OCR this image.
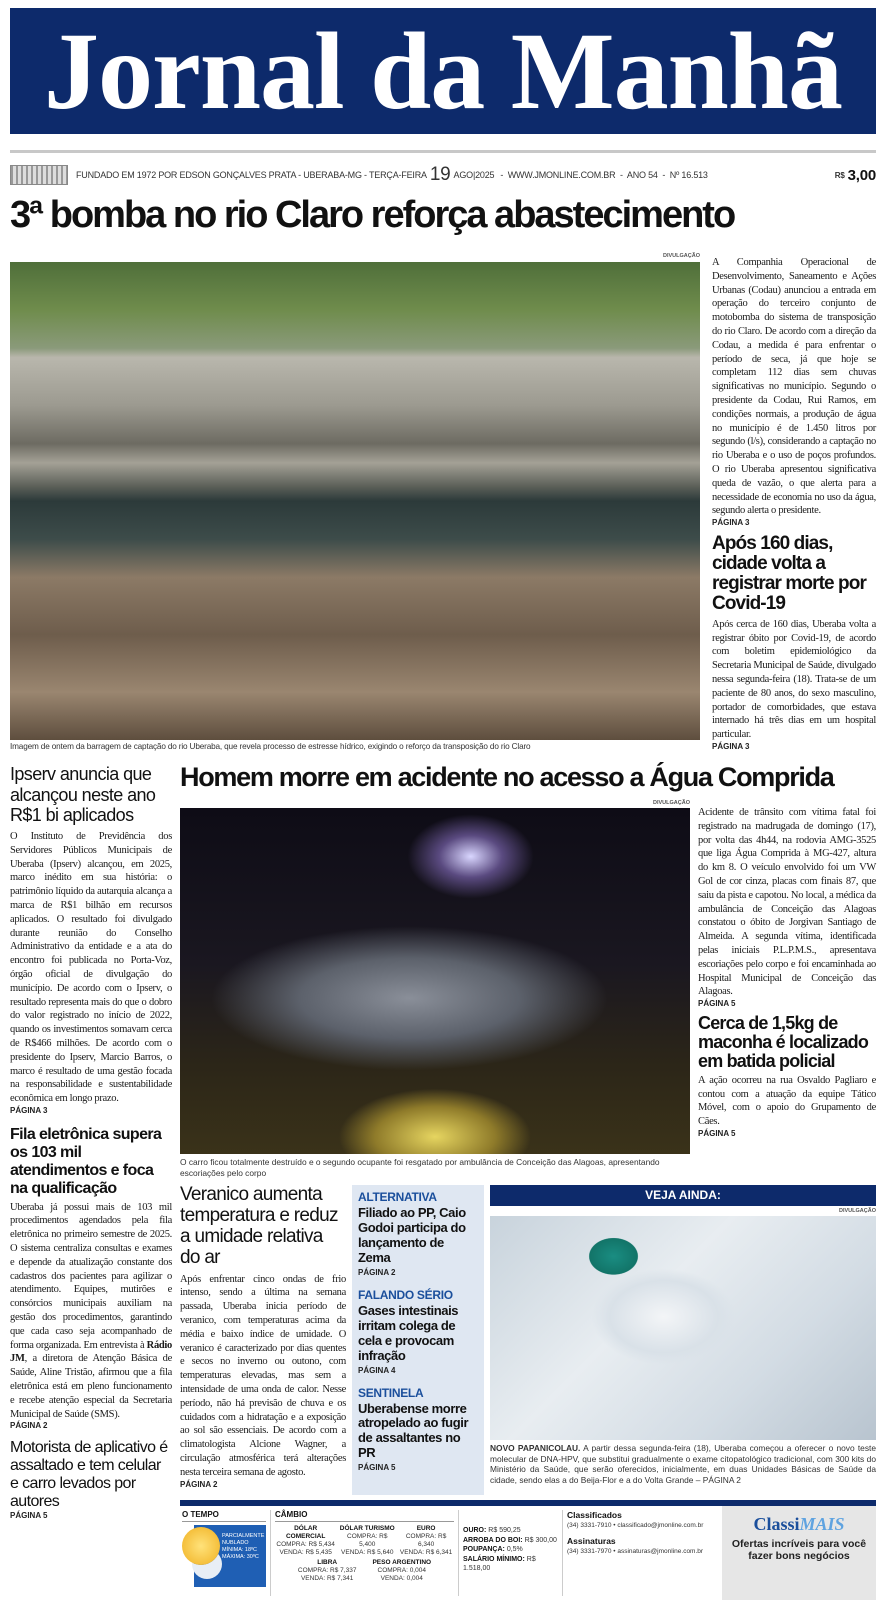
Jornal da Manhã
FUNDADO EM 1972 POR EDSON GONÇALVES PRATA - UBERABA-MG - TERÇA-FEIRA 19 AGO|2025 -  WWW.JMONLINE.COM.BR  -  ANO 54  -  Nº 16.513	R$ 3,00
3ª bomba no rio Claro reforça abastecimento
DIVULGAÇÃO
Imagem de ontem da barragem de captação do rio Uberaba, que revela processo de estresse hídrico, exigindo o reforço da transposição do rio Claro
A Companhia Operacional de Desenvolvimento, Saneamento e Ações Urbanas (Codau) anunciou a entrada em operação do terceiro conjunto de motobomba do sistema de transposição do rio Claro. De acordo com a direção da Codau, a medida é para enfrentar o período de seca, já que hoje se completam 112 dias sem chuvas significativas no município. Segundo o presidente da Codau, Rui Ramos, em condições normais, a produção de água no município é de 1.450 litros por segundo (l/s), considerando a captação no rio Uberaba e o uso de poços profundos. O rio Uberaba apresentou significativa queda de vazão, o que alerta para a necessidade de economia no uso da água, segundo alerta o presidente.
PÁGINA 3
Após 160 dias, cidade volta a registrar morte por Covid-19
Após cerca de 160 dias, Uberaba volta a registrar óbito por Covid-19, de acordo com boletim epidemiológico da Secretaria Municipal de Saúde, divulgado nessa segunda-feira (18). Trata-se de um paciente de 80 anos, do sexo masculino, portador de comorbidades, que estava internado há três dias em um hospital particular.
PÁGINA 3
Ipserv anuncia que alcançou neste ano R$1 bi aplicados
O Instituto de Previdência dos Servidores Públicos Municipais de Uberaba (Ipserv) alcançou, em 2025, marco inédito em sua história: o patrimônio líquido da autarquia alcança a marca de R$1 bilhão em recursos aplicados. O resultado foi divulgado durante reunião do Conselho Administrativo da entidade e a ata do encontro foi publicada no Porta-Voz, órgão oficial de divulgação do município. De acordo com o Ipserv, o resultado representa mais do que o dobro do valor registrado no início de 2022, quando os investimentos somavam cerca de R$466 milhões. De acordo com o presidente do Ipserv, Marcio Barros, o marco é resultado de uma gestão focada na responsabilidade e sustentabilidade econômica em longo prazo.
PÁGINA 3
Fila eletrônica supera os 103 mil atendimentos e foca na qualificação
Uberaba já possui mais de 103 mil procedimentos agendados pela fila eletrônica no primeiro semestre de 2025. O sistema centraliza consultas e exames e depende da atualização constante dos cadastros dos pacientes para agilizar o atendimento. Equipes, mutirões e consórcios municipais auxiliam na gestão dos procedimentos, garantindo que cada caso seja acompanhado de forma organizada. Em entrevista à Rádio JM, a diretora de Atenção Básica de Saúde, Aline Tristão, afirmou que a fila eletrônica está em pleno funcionamento e recebe atenção especial da Secretaria Municipal de Saúde (SMS).
PÁGINA 2
Motorista de aplicativo é assaltado e tem celular e carro levados por autores
PÁGINA 5
Homem morre em acidente no acesso a Água Comprida
DIVULGAÇÃO
O carro ficou totalmente destruído e o segundo ocupante foi resgatado por ambulância de Conceição das Alagoas, apresentando escoriações pelo corpo
Acidente de trânsito com vítima fatal foi registrado na madrugada de domingo (17), por volta das 4h44, na rodovia AMG-3525 que liga Água Comprida à MG-427, altura do km 8. O veículo envolvido foi um VW Gol de cor cinza, placas com finais 87, que saiu da pista e capotou. No local, a médica da ambulância de Conceição das Alagoas constatou o óbito de Jorgivan Santiago de Almeida. A segunda vítima, identificada pelas iniciais P.L.P.M.S., apresentava escoriações pelo corpo e foi encaminhada ao Hospital Municipal de Conceição das Alagoas.
PÁGINA 5
Cerca de 1,5kg de maconha é localizado em batida policial
A ação ocorreu na rua Osvaldo Pagliaro e contou com a atuação da equipe Tático Móvel, com o apoio do Grupamento de Cães.
PÁGINA 5
Veranico aumenta temperatura e reduz a umidade relativa do ar
Após enfrentar cinco ondas de frio intenso, sendo a última na semana passada, Uberaba inicia período de veranico, com temperaturas acima da média e baixo índice de umidade. O veranico é caracterizado por dias quentes e secos no inverno ou outono, com temperaturas elevadas, mas sem a intensidade de uma onda de calor. Nesse período, não há previsão de chuva e os cuidados com a hidratação e a exposição ao sol são essenciais. De acordo com a climatologista Alcione Wagner, a circulação atmosférica terá alterações nesta terceira semana de agosto.
PÁGINA 2
ALTERNATIVA
Filiado ao PP, Caio Godoi participa do lançamento de Zema
PÁGINA 2
FALANDO SÉRIO
Gases intestinais irritam colega de cela e provocam infração
PÁGINA 4
SENTINELA
Uberabense morre atropelado ao fugir de assaltantes no PR
PÁGINA 5
VEJA AINDA:
DIVULGAÇÃO
NOVO PAPANICOLAU. A partir dessa segunda-feira (18), Uberaba começou a oferecer o novo teste molecular de DNA-HPV, que substitui gradualmente o exame citopatológico tradicional, com 300 kits do Ministério da Saúde, que serão oferecidos, inicialmente, em duas Unidades Básicas de Saúde da cidade, sendo elas a do Beija-Flor e a do Volta Grande – PÁGINA 2
O TEMPO
PARCIALMENTE NUBLADO
MÍNIMA: 18ºC
MÁXIMA: 30ºC
CÂMBIO
DÓLAR COMERCIAL
COMPRA: R$ 5,434
VENDA: R$ 5,435
DÓLAR TURISMO
COMPRA: R$ 5,400
VENDA: R$ 5,640
EURO
COMPRA: R$ 6,340
VENDA: R$ 6,341
LIBRA
COMPRA: R$ 7,337
VENDA: R$ 7,341
PESO ARGENTINO
COMPRA: 0,004
VENDA: 0,004
OURO: R$ 590,25
ARROBA DO BOI: R$ 300,00
POUPANÇA: 0,5%
SALÁRIO MÍNIMO: R$ 1.518,00
Classificados
(34) 3331-7910 • classificado@jmonline.com.br
Assinaturas
(34) 3331-7970 • assinaturas@jmonline.com.br
ClassiMAIS
Ofertas incríveis para você fazer bons negócios
